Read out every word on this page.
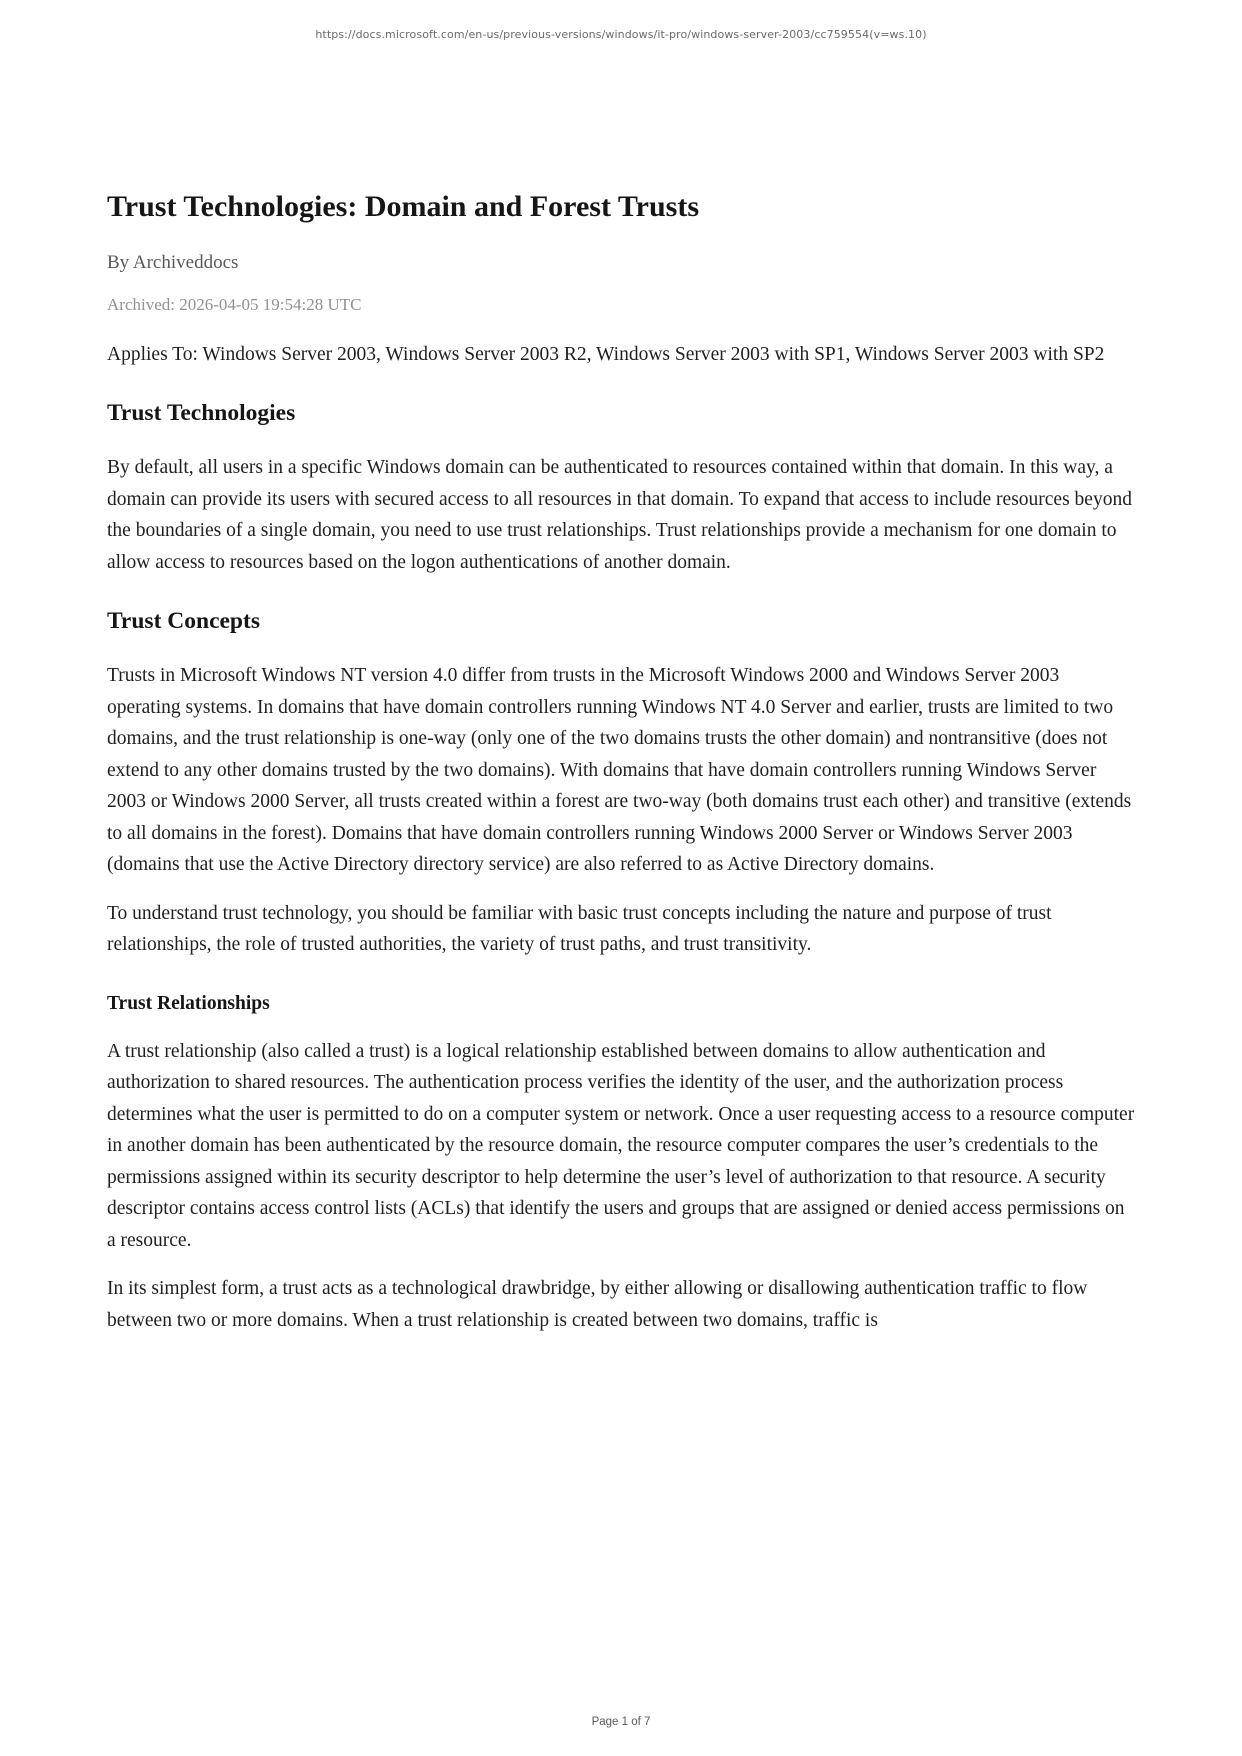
https://docs.microsoft.com/en-us/previous-versions/windows/it-pro/windows-server-2003/cc759554(v=ws.10)
Trust Technologies: Domain and Forest Trusts
By Archiveddocs
Archived: 2026-04-05 19:54:28 UTC

Applies To: Windows Server 2003, Windows Server 2003 R2, Windows Server 2003 with SP1, Windows Server 2003 with SP2

Trust Technologies

By default, all users in a specific Windows domain can be authenticated to resources contained within that domain. In this way, a domain can provide its users with secured access to all resources in that domain. To expand that access to include resources beyond the boundaries of a single domain, you need to use trust relationships. Trust relationships provide a mechanism for one domain to allow access to resources based on the logon authentications of another domain.

Trust Concepts

Trusts in Microsoft Windows NT version 4.0 differ from trusts in the Microsoft Windows 2000 and Windows Server 2003 operating systems. In domains that have domain controllers running Windows NT 4.0 Server and earlier, trusts are limited to two domains, and the trust relationship is one-way (only one of the two domains trusts the other domain) and nontransitive (does not extend to any other domains trusted by the two domains). With domains that have domain controllers running Windows Server 2003 or Windows 2000 Server, all trusts created within a forest are two-way (both domains trust each other) and transitive (extends to all domains in the forest). Domains that have domain controllers running Windows 2000 Server or Windows Server 2003 (domains that use the Active Directory directory service) are also referred to as Active Directory domains.

To understand trust technology, you should be familiar with basic trust concepts including the nature and purpose of trust relationships, the role of trusted authorities, the variety of trust paths, and trust transitivity.

Trust Relationships

A trust relationship (also called a trust) is a logical relationship established between domains to allow authentication and authorization to shared resources. The authentication process verifies the identity of the user, and the authorization process determines what the user is permitted to do on a computer system or network. Once a user requesting access to a resource computer in another domain has been authenticated by the resource domain, the resource computer compares the user’s credentials to the permissions assigned within its security descriptor to help determine the user’s level of authorization to that resource. A security descriptor contains access control lists (ACLs) that identify the users and groups that are assigned or denied access permissions on a resource.

In its simplest form, a trust acts as a technological drawbridge, by either allowing or disallowing authentication traffic to flow between two or more domains. When a trust relationship is created between two domains, traffic is

Page 1 of 7
